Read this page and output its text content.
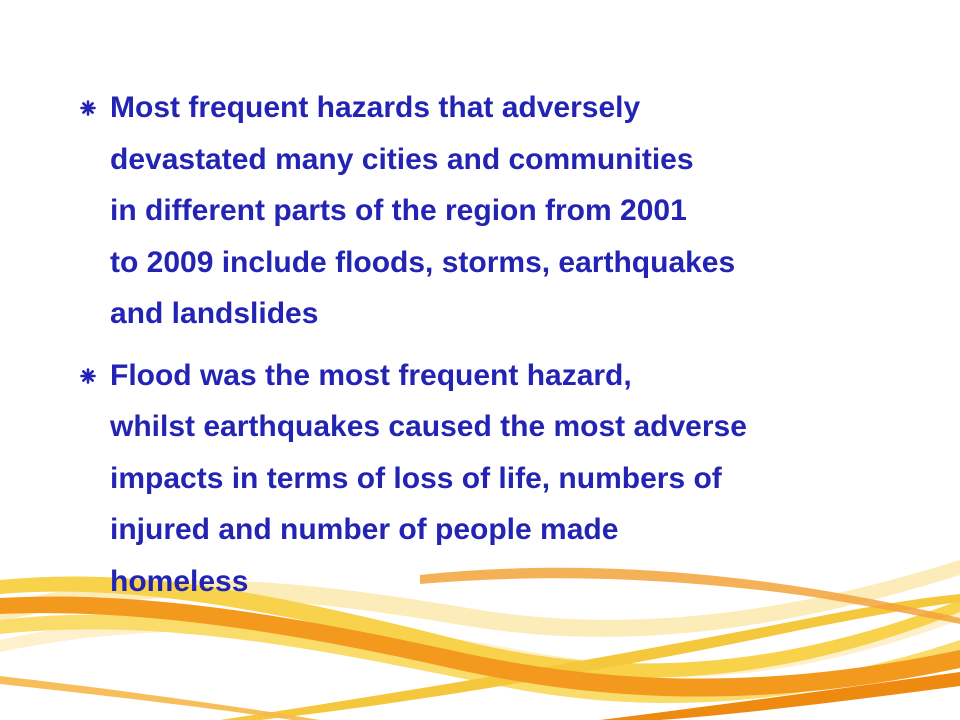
Most frequent hazards that adversely
devastated many cities and communities
in different parts of the region from 2001
to 2009 include floods, storms, earthquakes
and landslides
Flood was the most frequent hazard,
whilst earthquakes caused the most adverse
impacts in terms of loss of life, numbers of
injured and number of people made
homeless
